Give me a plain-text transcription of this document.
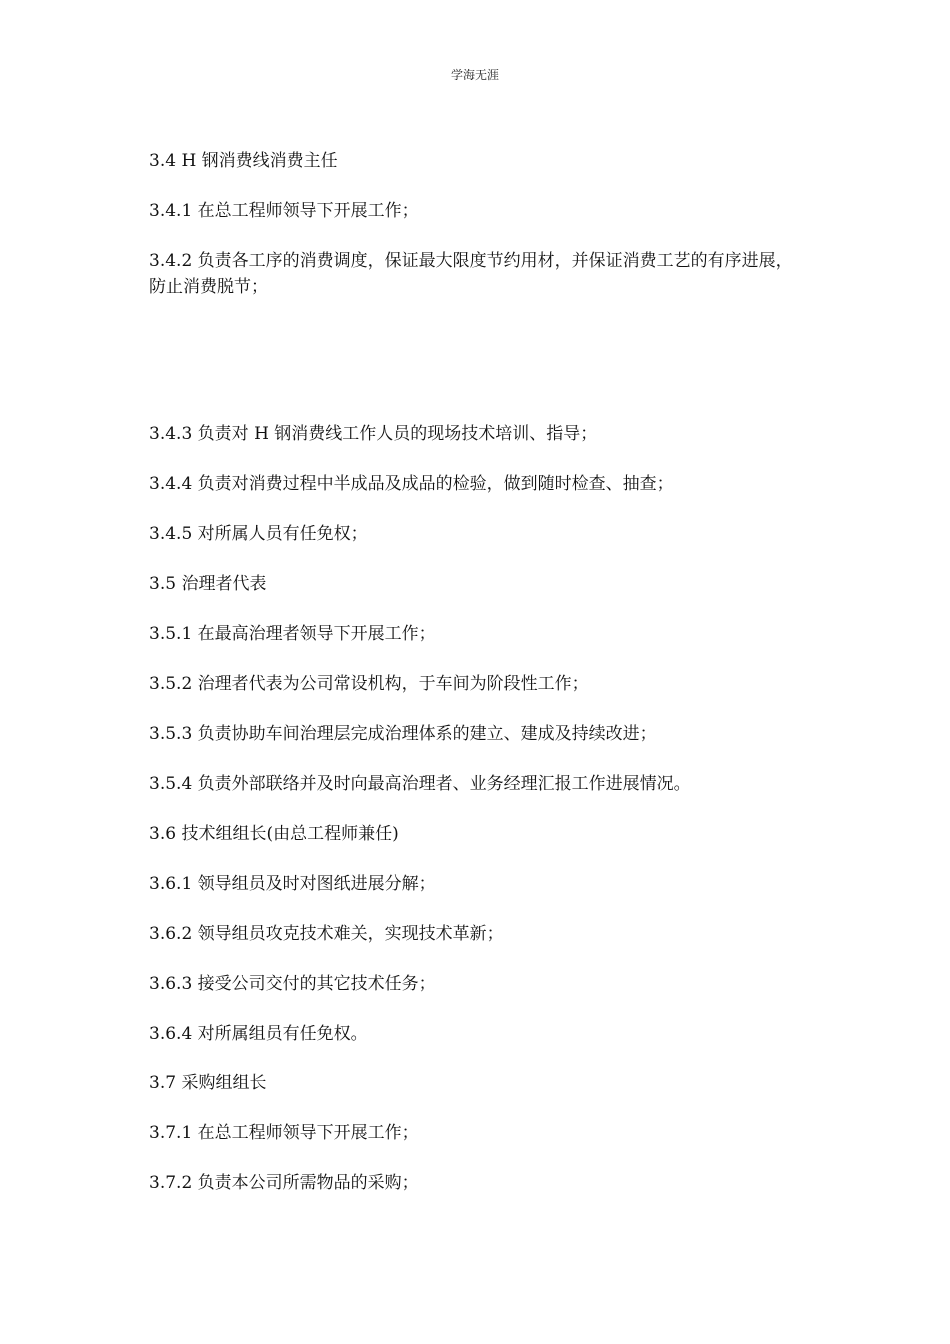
学海无涯

3.4 H 钢消费线消费主任

3.4.1 在总工程师领导下开展工作；

3.4.2 负责各工序的消费调度，保证最大限度节约用材，并保证消费工艺的有序进展，防止消费脱节；

3.4.3 负责对 H 钢消费线工作人员的现场技术培训、指导；

3.4.4 负责对消费过程中半成品及成品的检验，做到随时检查、抽查；

3.4.5 对所属人员有任免权；

3.5 治理者代表

3.5.1 在最高治理者领导下开展工作；

3.5.2 治理者代表为公司常设机构，于车间为阶段性工作；

3.5.3 负责协助车间治理层完成治理体系的建立、建成及持续改进；

3.5.4 负责外部联络并及时向最高治理者、业务经理汇报工作进展情况。

3.6 技术组组长(由总工程师兼任)

3.6.1 领导组员及时对图纸进展分解；

3.6.2 领导组员攻克技术难关，实现技术革新；

3.6.3 接受公司交付的其它技术任务；

3.6.4 对所属组员有任免权。

3.7 采购组组长

3.7.1 在总工程师领导下开展工作；

3.7.2 负责本公司所需物品的采购；
